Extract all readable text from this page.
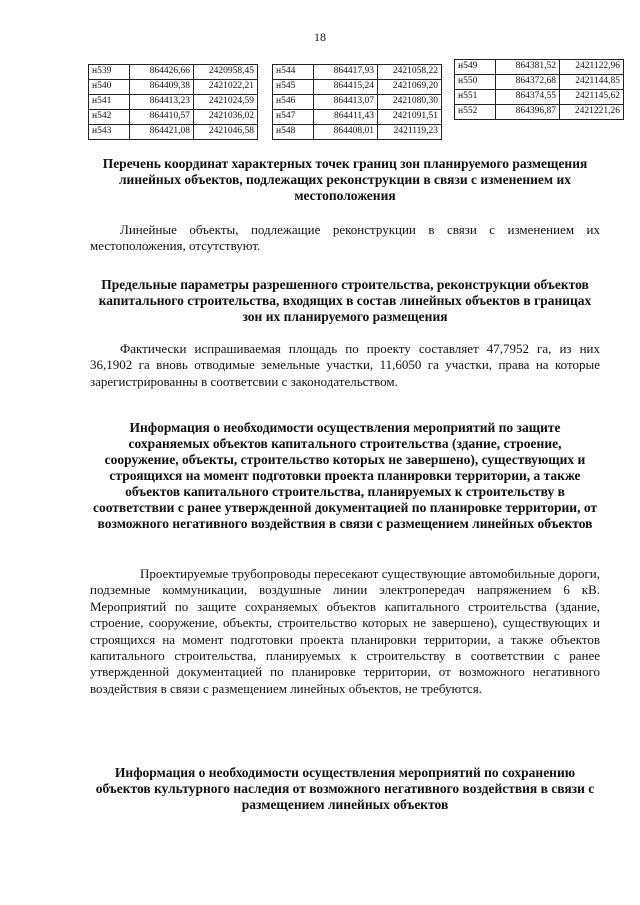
18
н539	864426,66	2420958,45
н540	864409,38	2421022,21
н541	864413,23	2421024,59
н542	864410,57	2421036,02
н543	864421,08	2421046,58
н544	864417,93	2421058,22
н545	864415,24	2421069,20
н546	864413,07	2421080,30
н547	864411,43	2421091,51
н548	864408,01	2421119,23
н549	864381,52	2421122,96
н550	864372,68	2421144,85
н551	864374,55	2421145,62
н552	864396,87	2421221,26
Перечень координат характерных точек границ зон планируемого размещения линейных объектов, подлежащих реконструкции в связи с изменением их местоположения
Линейные объекты, подлежащие реконструкции в связи с изменением их местоположения, отсутствуют.
Предельные параметры разрешенного строительства, реконструкции объектов капитального строительства, входящих в состав линейных объектов в границах зон их планируемого размещения
Фактически испрашиваемая площадь по проекту составляет 47,7952 га, из них 36,1902 га вновь отводимые земельные участки, 11,6050 га участки, права на которые зарегистрированны в соответсвии с законодательством.
Информация о необходимости осуществления мероприятий по защите сохраняемых объектов капитального строительства (здание, строение, сооружение, объекты, строительство которых не завершено), существующих и строящихся на момент подготовки проекта планировки территории, а также объектов капитального строительства, планируемых к строительству в соответствии с ранее утвержденной документацией по планировке территории, от возможного негативного воздействия в связи с размещением линейных объектов
Проектируемые трубопроводы пересекают существующие автомобильные дороги, подземные коммуникации, воздушные линии электропередач напряжением 6 кВ. Мероприятий по защите сохраняемых объектов капитального строительства (здание, строение, сооружение, объекты, строительство которых не завершено), существующих и строящихся на момент подготовки проекта планировки территории, а также объектов капитального строительства, планируемых к строительству в соответствии с ранее утвержденной документацией по планировке территории, от возможного негативного воздействия в связи с размещением линейных объектов, не требуются.
Информация о необходимости осуществления мероприятий по сохранению объектов культурного наследия от возможного негативного воздействия в связи с размещением линейных объектов
